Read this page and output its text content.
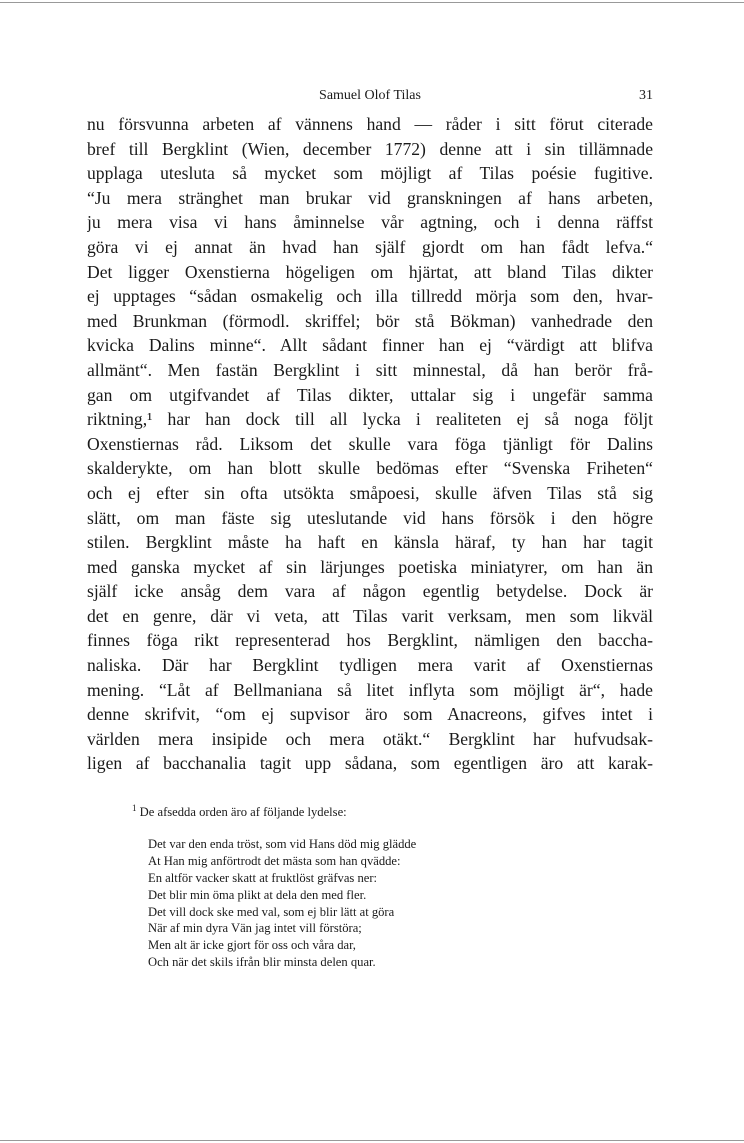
Samuel Olof Tilas	31
nu försvunna arbeten af vännens hand — råder i sitt förut citerade
bref till Bergklint (Wien, december 1772) denne att i sin tillämnade
upplaga utesluta så mycket som möjligt af Tilas poésie fugitive.
“Ju mera stränghet man brukar vid granskningen af hans arbeten,
ju mera visa vi hans åminnelse vår agtning, och i denna räffst
göra vi ej annat än hvad han själf gjordt om han fådt lefva.“
Det ligger Oxenstierna högeligen om hjärtat, att bland Tilas dikter
ej upptages “sådan osmakelig och illa tillredd mörja som den, hvar-
med Brunkman (förmodl. skriffel; bör stå Bökman) vanhedrade den
kvicka Dalins minne“. Allt sådant finner han ej “värdigt att blifva
allmänt“. Men fastän Bergklint i sitt minnestal, då han berör frå-
gan om utgifvandet af Tilas dikter, uttalar sig i ungefär samma
riktning,¹ har han dock till all lycka i realiteten ej så noga följt
Oxenstiernas råd. Liksom det skulle vara föga tjänligt för Dalins
skalderykte, om han blott skulle bedömas efter “Svenska Friheten“
och ej efter sin ofta utsökta småpoesi, skulle äfven Tilas stå sig
slätt, om man fäste sig uteslutande vid hans försök i den högre
stilen. Bergklint måste ha haft en känsla häraf, ty han har tagit
med ganska mycket af sin lärjunges poetiska miniatyrer, om han än
själf icke ansåg dem vara af någon egentlig betydelse. Dock är
det en genre, där vi veta, att Tilas varit verksam, men som likväl
finnes föga rikt representerad hos Bergklint, nämligen den baccha-
naliska. Där har Bergklint tydligen mera varit af Oxenstiernas
mening. “Låt af Bellmaniana så litet inflyta som möjligt är“, hade
denne skrifvit, “om ej supvisor äro som Anacreons, gifves intet i
världen mera insipide och mera otäkt.“ Bergklint har hufvudsak-
ligen af bacchanalia tagit upp sådana, som egentligen äro att karak-
$^1$ De afsedda orden äro af följande lydelse:
Det var den enda tröst, som vid Hans död mig glädde
At Han mig anförtrodt det mästa som han qvädde:
En altför vacker skatt at fruktlöst gräfvas ner:
Det blir min öma plikt at dela den med fler.
Det vill dock ske med val, som ej blir lätt at göra
När af min dyra Vän jag intet vill förstöra;
Men alt är icke gjort för oss och våra dar,
Och när det skils ifrån blir minsta delen quar.
